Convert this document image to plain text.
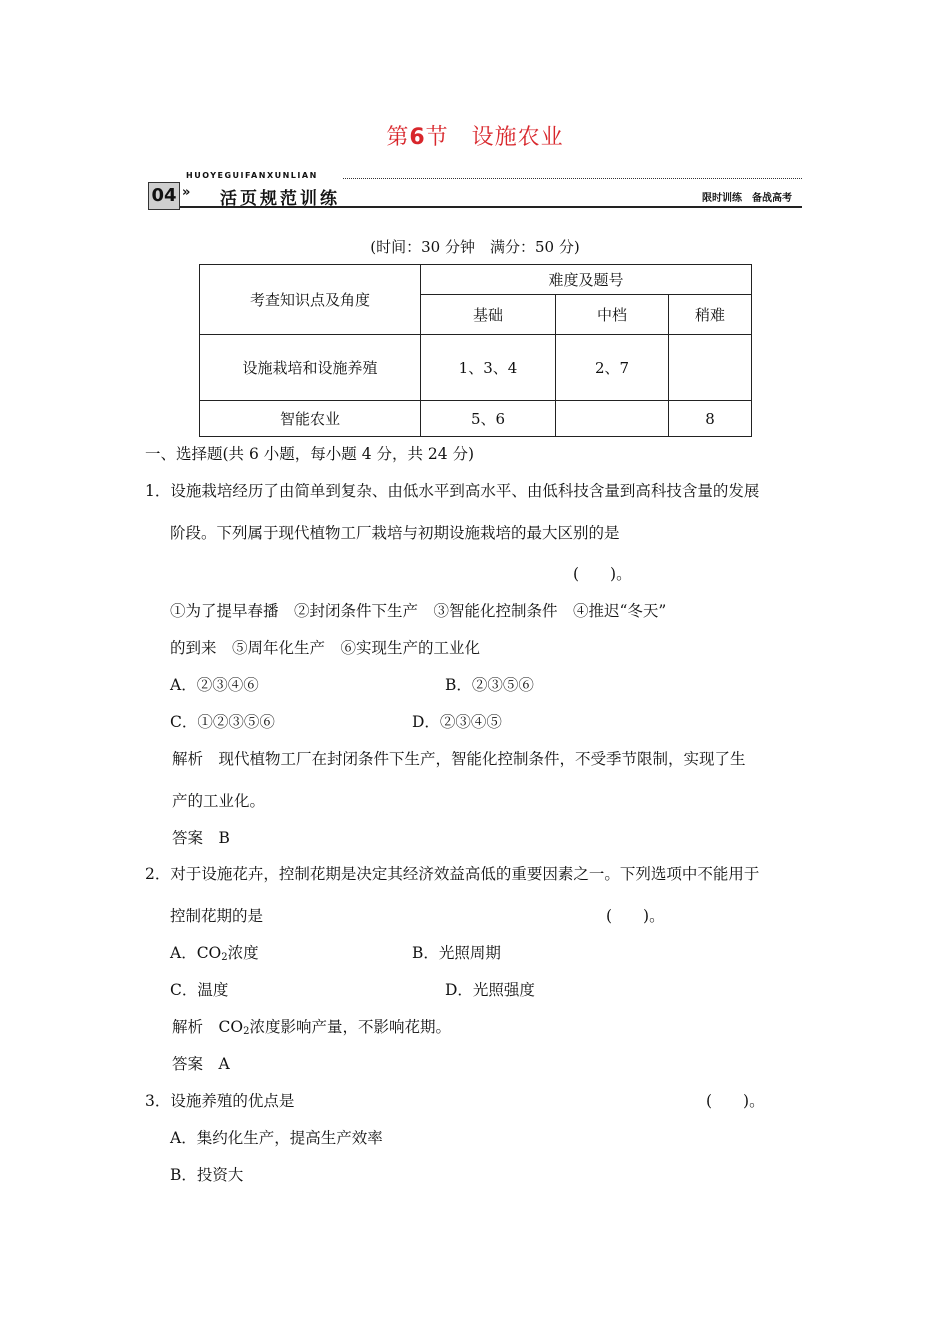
第6节　设施农业
HUOYEGUIFANXUNLIAN
04 » 活页规范训练	限时训练　备战高考
(时间：30 分钟　满分：50 分)
考查知识点及角度	难度及题号		
	基础	中档	稍难
设施栽培和设施养殖	1、3、4	2、7	
智能农业	5、6		8
一、选择题(共 6 小题，每小题 4 分，共 24 分)
1．设施栽培经历了由简单到复杂、由低水平到高水平、由低科技含量到高科技含量的发展
阶段。下列属于现代植物工厂栽培与初期设施栽培的最大区别的是
(　　)。
①为了提早春播　②封闭条件下生产　③智能化控制条件　④推迟“冬天”
的到来　⑤周年化生产　⑥实现生产的工业化
A．②③④⑥	B．②③⑤⑥
C．①②③⑤⑥	D．②③④⑤
解析　现代植物工厂在封闭条件下生产，智能化控制条件，不受季节限制，实现了生
产的工业化。
答案　B
2．对于设施花卉，控制花期是决定其经济效益高低的重要因素之一。下列选项中不能用于
控制花期的是	(　　)。
A．CO2浓度	B．光照周期
C．温度	D．光照强度
解析　CO2浓度影响产量，不影响花期。
答案　A
3．设施养殖的优点是	(　　)。
A．集约化生产，提高生产效率
B．投资大
